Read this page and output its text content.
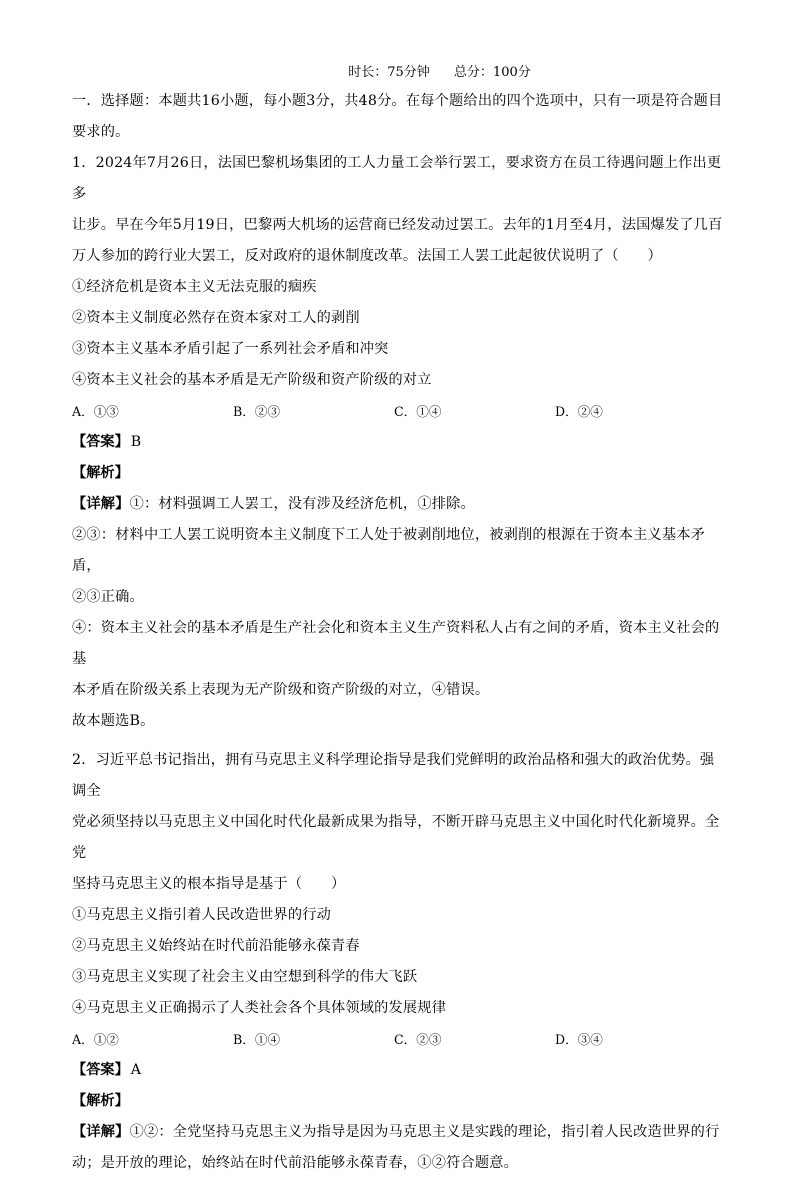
时长：75分钟 总分：100分

一．选择题：本题共16小题，每小题3分，共48分。在每个题给出的四个选项中，只有一项是符合题目

要求的。

1．2024年7月26日，法国巴黎机场集团的工人力量工会举行罢工，要求资方在员工待遇问题上作出更多

让步。早在今年5月19日，巴黎两大机场的运营商已经发动过罢工。去年的1月至4月，法国爆发了几百

万人参加的跨行业大罢工，反对政府的退休制度改革。法国工人罢工此起彼伏说明了（　　）

①经济危机是资本主义无法克服的痼疾

②资本主义制度必然存在资本家对工人的剥削

③资本主义基本矛盾引起了一系列社会矛盾和冲突

④资本主义社会的基本矛盾是无产阶级和资产阶级的对立

A．①③	B．②③	C．①④	D．②④
【答案】 B
【解析】

【详解】①：材料强调工人罢工，没有涉及经济危机，①排除。

②③：材料中工人罢工说明资本主义制度下工人处于被剥削地位，被剥削的根源在于资本主义基本矛盾，

②③正确。

④：资本主义社会的基本矛盾是生产社会化和资本主义生产资料私人占有之间的矛盾，资本主义社会的基

本矛盾在阶级关系上表现为无产阶级和资产阶级的对立，④错误。

故本题选B。

2．习近平总书记指出，拥有马克思主义科学理论指导是我们党鲜明的政治品格和强大的政治优势。强调全

党必须坚持以马克思主义中国化时代化最新成果为指导，不断开辟马克思主义中国化时代化新境界。全党

坚持马克思主义的根本指导是基于（　　）

①马克思主义指引着人民改造世界的行动

②马克思主义始终站在时代前沿能够永葆青春

③马克思主义实现了社会主义由空想到科学的伟大飞跃

④马克思主义正确揭示了人类社会各个具体领域的发展规律

A．①②	B．①④	C．②③	D．③④
【答案】 A
【解析】

【详解】①②：全党坚持马克思主义为指导是因为马克思主义是实践的理论，指引着人民改造世界的行

动；是开放的理论，始终站在时代前沿能够永葆青春，①②符合题意。
